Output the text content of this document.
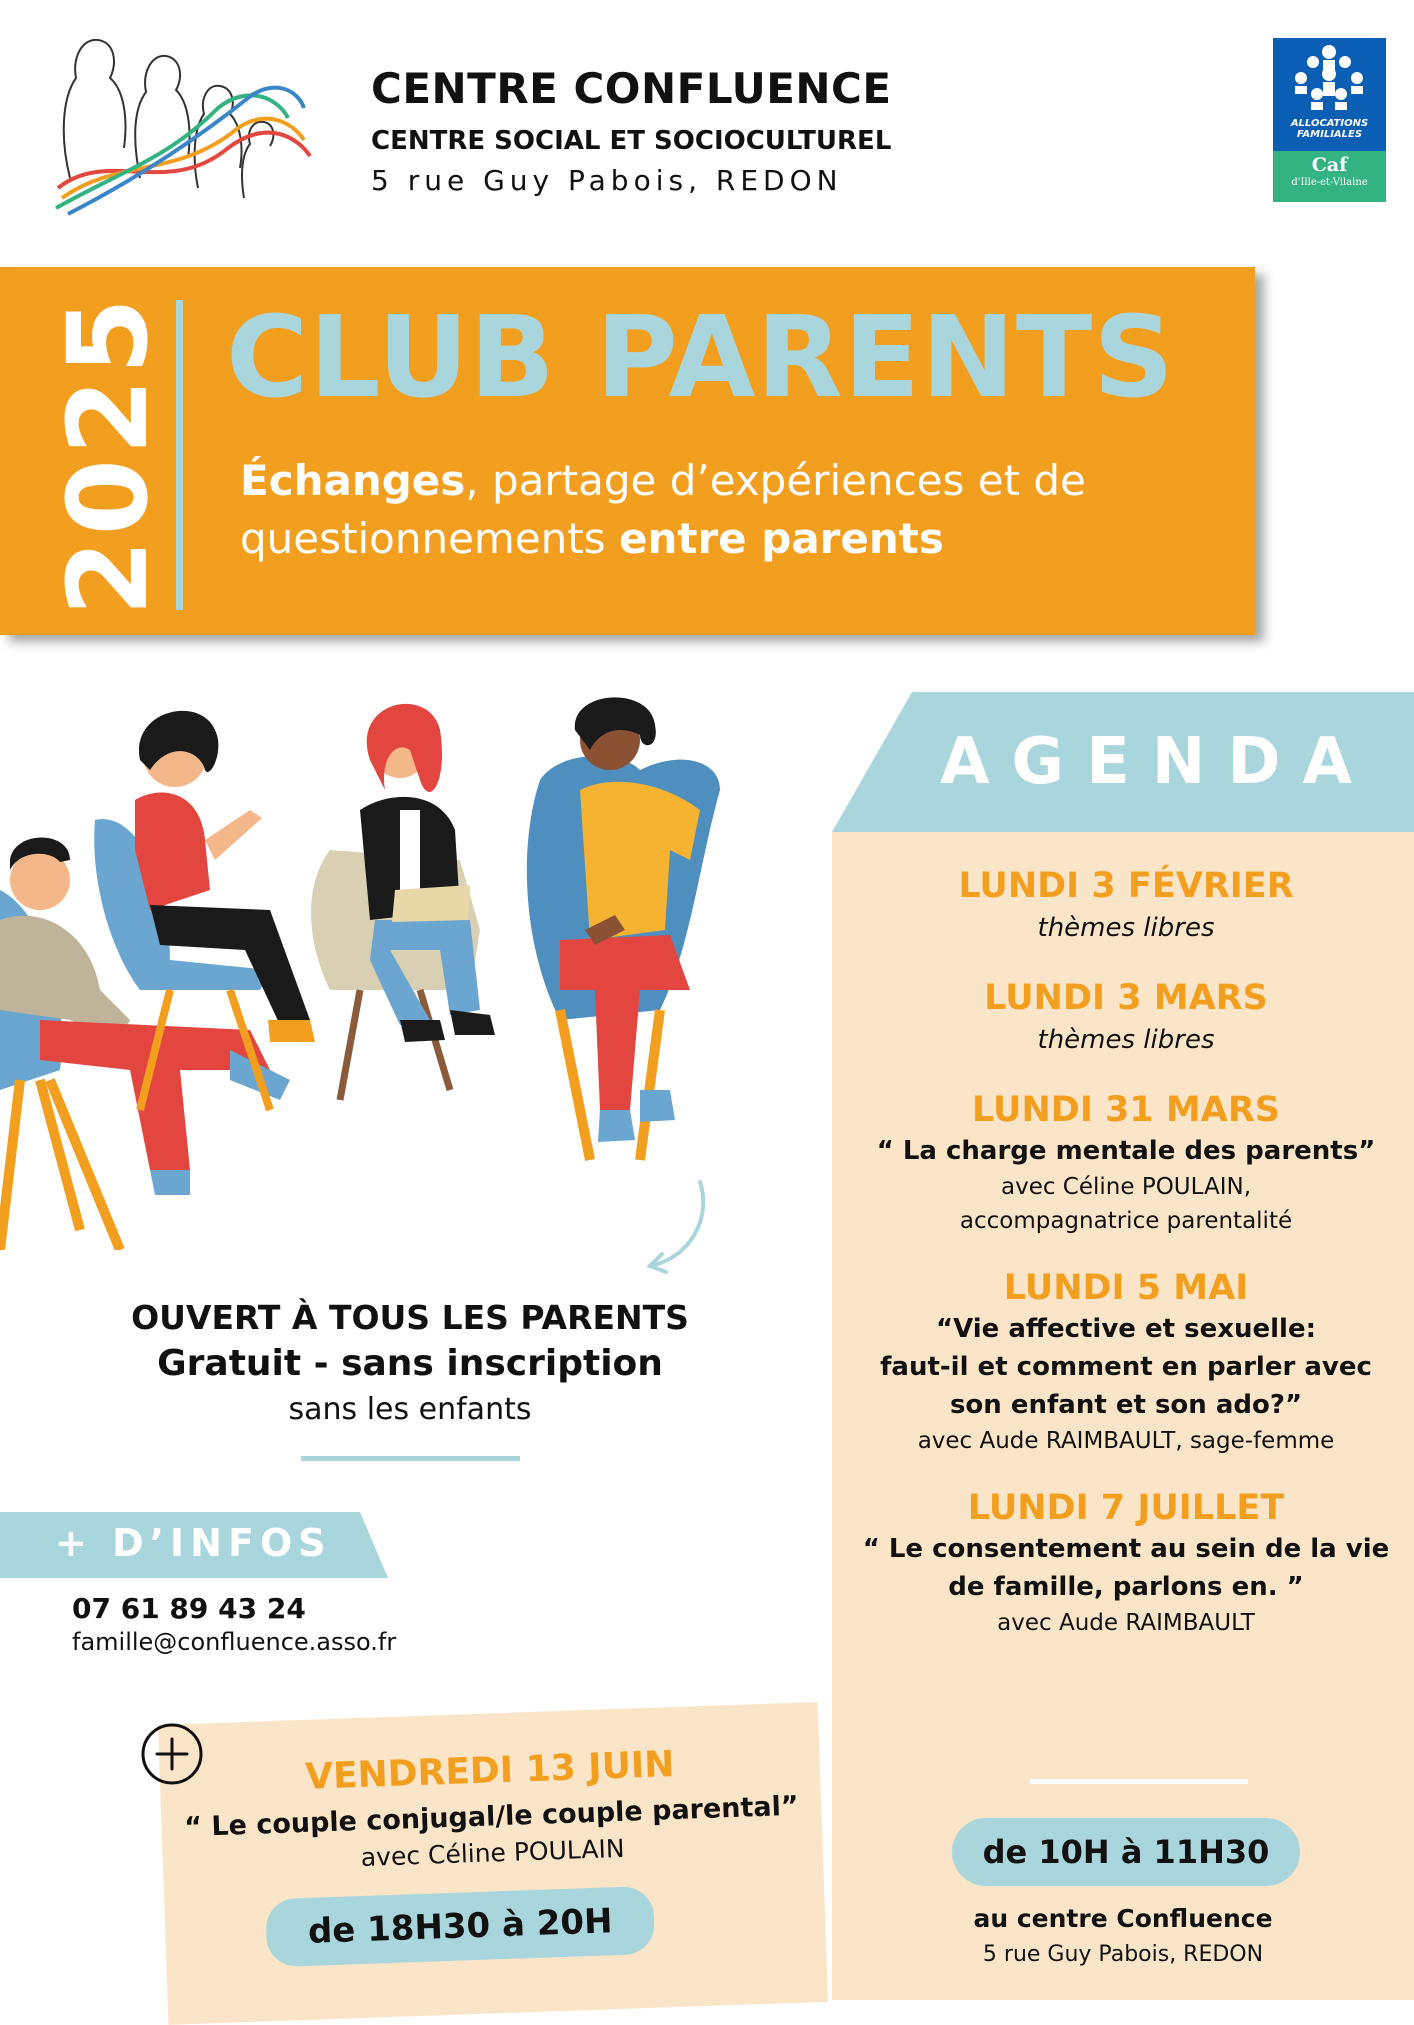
CENTRE CONFLUENCE
CENTRE SOCIAL ET SOCIOCULTUREL
5 rue Guy Pabois, REDON
ALLOCATIONS
FAMILIALES
Caf
d'Ille-et-Vilaine
2025 CLUB PARENTS
Échanges, partage d’expériences et de
questionnements entre parents
OUVERT À TOUS LES PARENTS
Gratuit - sans inscription
sans les enfants
+ D’INFOS
07 61 89 43 24
famille@confluence.asso.fr
VENDREDI 13 JUIN
“ Le couple conjugal/le couple parental”
avec Céline POULAIN
de 18H30 à 20H
AGENDA
LUNDI 3 FÉVRIER
thèmes libres
LUNDI 3 MARS
thèmes libres
LUNDI 31 MARS
“ La charge mentale des parents”
avec Céline POULAIN,
accompagnatrice parentalité
LUNDI 5 MAI
“Vie affective et sexuelle:
faut-il et comment en parler avec
son enfant et son ado?”
avec Aude RAIMBAULT, sage-femme
LUNDI 7 JUILLET
“ Le consentement au sein de la vie
de famille, parlons en. ”
avec Aude RAIMBAULT
de 10H à 11H30
au centre Confluence
5 rue Guy Pabois, REDON
